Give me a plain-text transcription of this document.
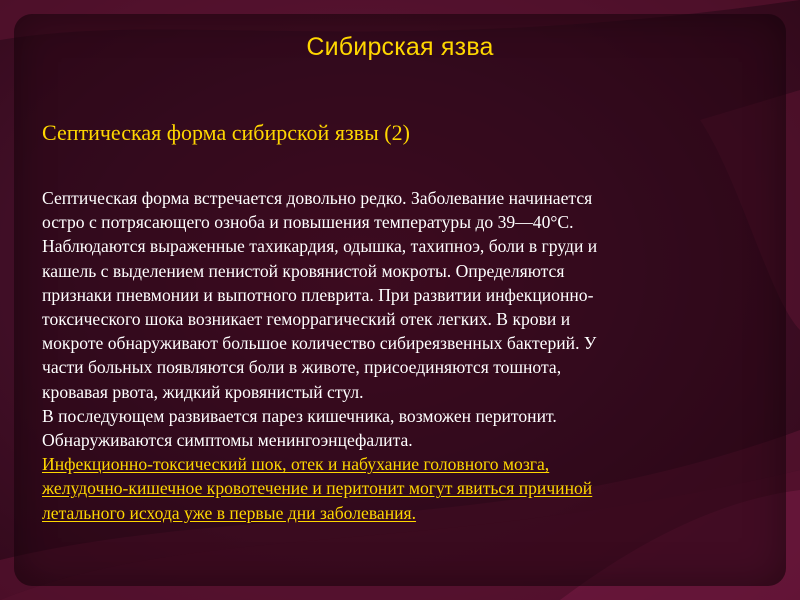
Сибирская язва
Септическая форма сибирской язвы (2)
Септическая форма встречается довольно редко. Заболевание начинается
остро с потрясающего озноба и повышения температуры до 39—40°С.
Наблюдаются выраженные тахикардия, одышка, тахипноэ, боли в груди и
кашель с выделением пенистой кровянистой мокроты. Определяются
признаки пневмонии и выпотного плеврита. При развитии инфекционно-
токсического шока возникает геморрагический отек легких. В крови и
мокроте обнаруживают большое количество сибиреязвенных бактерий. У
части больных появляются боли в животе, присоединяются тошнота,
кровавая рвота, жидкий кровянистый стул.
В последующем развивается парез кишечника, возможен перитонит.
Обнаруживаются симптомы менингоэнцефалита.
Инфекционно-токсический шок, отек и набухание головного мозга,
желудочно-кишечное кровотечение и перитонит могут явиться причиной
летального исхода уже в первые дни заболевания.
